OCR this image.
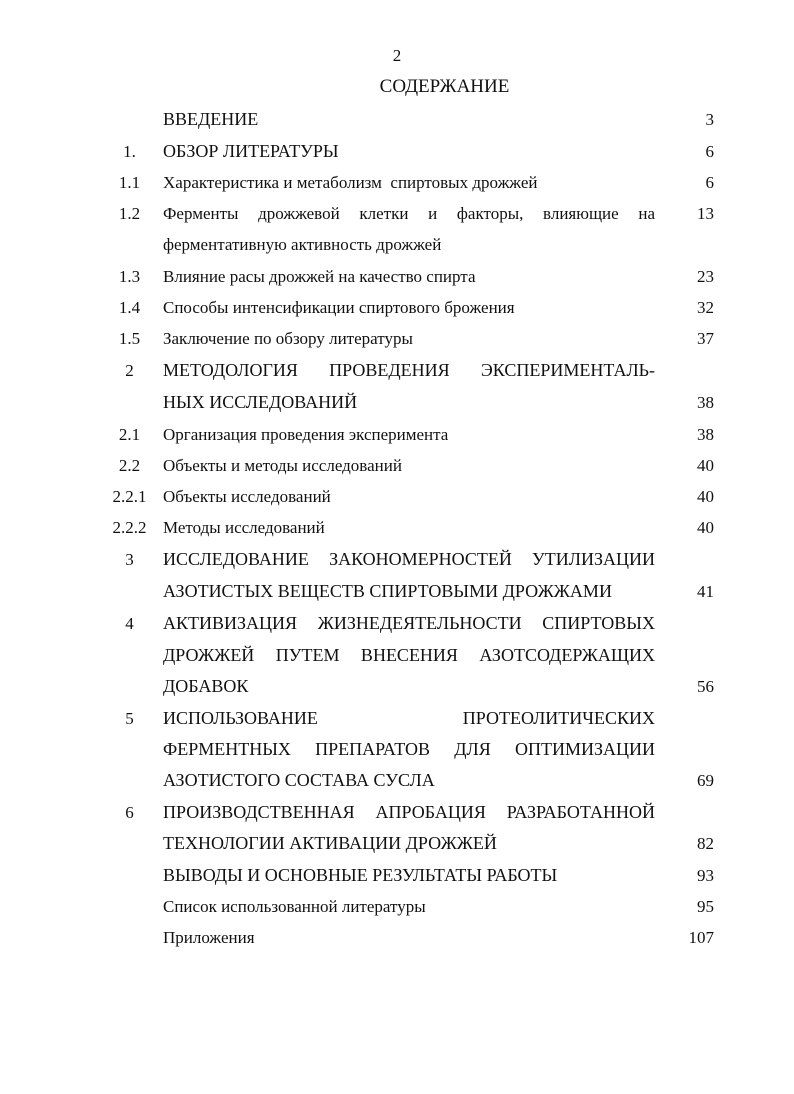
2
СОДЕРЖАНИЕ
ВВЕДЕНИЕ	3
1.	ОБЗОР ЛИТЕРАТУРЫ	6
1.1	Характеристика и метаболизм  спиртовых дрожжей	6
1.2	Ферменты дрожжевой клетки и факторы, влияющие на	13
ферментативную активность дрожжей
1.3	Влияние расы дрожжей на качество спирта	23
1.4	Способы интенсификации спиртового брожения	32
1.5	Заключение по обзору литературы	37
2	МЕТОДОЛОГИЯ ПРОВЕДЕНИЯ ЭКСПЕРИМЕНТАЛЬ-
НЫХ ИССЛЕДОВАНИЙ	38
2.1	Организация проведения эксперимента	38
2.2	Объекты и методы исследований	40
2.2.1 Объекты исследований	40
2.2.2 Методы исследований	40
3	ИССЛЕДОВАНИЕ ЗАКОНОМЕРНОСТЕЙ УТИЛИЗАЦИИ
АЗОТИСТЫХ ВЕЩЕСТВ СПИРТОВЫМИ ДРОЖЖАМИ	41
4	АКТИВИЗАЦИЯ ЖИЗНЕДЕЯТЕЛЬНОСТИ СПИРТОВЫХ
ДРОЖЖЕЙ ПУТЕМ ВНЕСЕНИЯ АЗОТСОДЕРЖАЩИХ
ДОБАВОК	56
5	ИСПОЛЬЗОВАНИЕ ПРОТЕОЛИТИЧЕСКИХ
ФЕРМЕНТНЫХ ПРЕПАРАТОВ ДЛЯ ОПТИМИЗАЦИИ
АЗОТИСТОГО СОСТАВА СУСЛА	69
6	ПРОИЗВОДСТВЕННАЯ АПРОБАЦИЯ РАЗРАБОТАННОЙ
ТЕХНОЛОГИИ АКТИВАЦИИ ДРОЖЖЕЙ	82
ВЫВОДЫ И ОСНОВНЫЕ РЕЗУЛЬТАТЫ РАБОТЫ	93
Список использованной литературы	95
Приложения	107
